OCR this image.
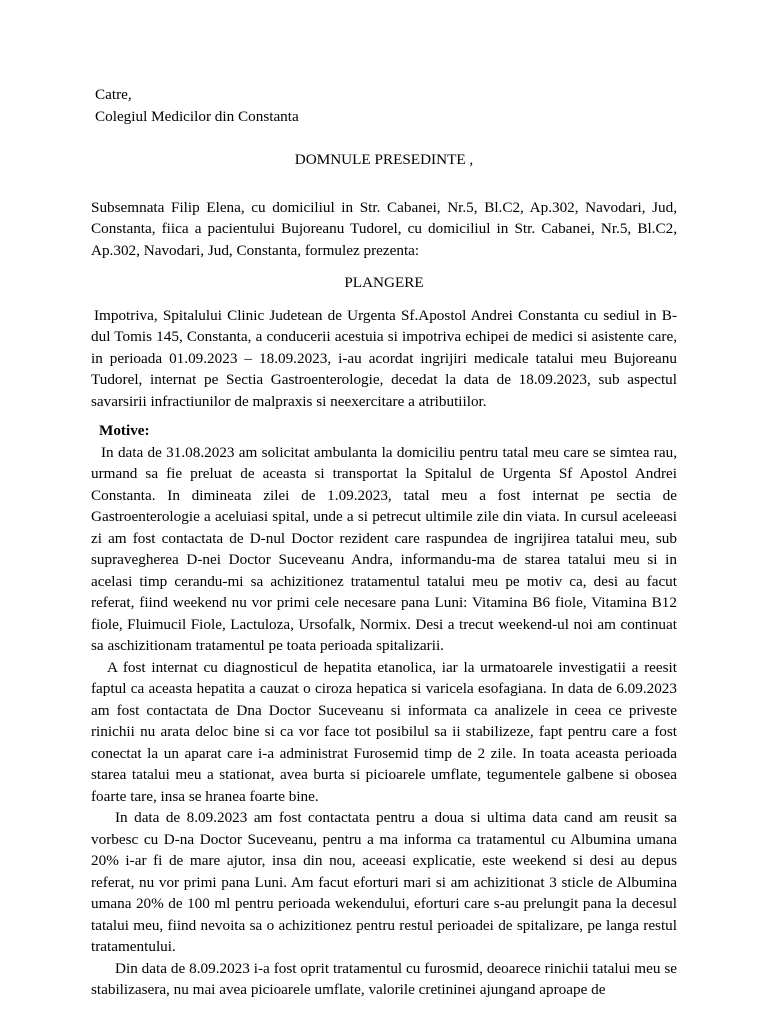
Catre,
Colegiul Medicilor din Constanta
DOMNULE PRESEDINTE ,
Subsemnata Filip Elena, cu domiciliul in Str. Cabanei, Nr.5, Bl.C2, Ap.302, Navodari, Jud, Constanta, fiica a pacientului Bujoreanu Tudorel, cu domiciliul in Str. Cabanei, Nr.5, Bl.C2, Ap.302, Navodari, Jud, Constanta, formulez prezenta:
PLANGERE
Impotriva, Spitalului Clinic Judetean de Urgenta Sf.Apostol Andrei Constanta cu sediul in B-dul Tomis 145, Constanta, a conducerii acestuia si impotriva echipei de medici si asistente care, in perioada 01.09.2023 – 18.09.2023, i-au acordat ingrijiri medicale tatalui meu Bujoreanu Tudorel, internat pe Sectia Gastroenterologie, decedat la data de 18.09.2023, sub aspectul savarsirii infractiunilor de malpraxis si neexercitare a atributiilor.
Motive:
In data de 31.08.2023 am solicitat ambulanta la domiciliu pentru tatal meu care se simtea rau, urmand sa fie preluat de aceasta si transportat la Spitalul de Urgenta Sf Apostol Andrei Constanta. In dimineata zilei de 1.09.2023, tatal meu a fost internat pe sectia de Gastroenterologie a aceluiasi spital, unde a si petrecut ultimile zile din viata. In cursul aceleeasi zi am fost contactata de D-nul Doctor rezident care raspundea de ingrijirea tatalui meu, sub supravegherea D-nei Doctor Suceveanu Andra, informandu-ma de starea tatalui meu si in acelasi timp cerandu-mi sa achizitionez tratamentul tatalui meu pe motiv ca, desi au facut referat, fiind weekend nu vor primi cele necesare pana Luni: Vitamina B6 fiole, Vitamina B12 fiole, Fluimucil Fiole, Lactuloza, Ursofalk, Normix. Desi a trecut weekend-ul noi am continuat sa aschizitionam tratamentul pe toata perioada spitalizarii.
A fost internat cu diagnosticul de hepatita etanolica, iar la urmatoarele investigatii a reesit faptul ca aceasta hepatita a cauzat o ciroza hepatica si varicela esofagiana. In data de 6.09.2023 am fost contactata de Dna Doctor Suceveanu si informata ca analizele in ceea ce priveste rinichii nu arata deloc bine si ca vor face tot posibilul sa ii stabilizeze, fapt pentru care a fost conectat la un aparat care i-a administrat Furosemid timp de 2 zile. In toata aceasta perioada starea tatalui meu a stationat, avea burta si picioarele umflate, tegumentele galbene si obosea foarte tare, insa se hranea foarte bine.
In data de 8.09.2023 am fost contactata pentru a doua si ultima data cand am reusit sa vorbesc cu D-na Doctor Suceveanu, pentru a ma informa ca tratamentul cu Albumina umana 20% i-ar fi de mare ajutor, insa din nou, aceeasi explicatie, este weekend si desi au depus referat, nu vor primi pana Luni. Am facut eforturi mari si am achizitionat 3 sticle de Albumina umana 20% de 100 ml pentru perioada wekendului, eforturi care s-au prelungit pana la decesul tatalui meu, fiind nevoita sa o achizitionez pentru restul perioadei de spitalizare, pe langa restul tratamentului.
Din data de 8.09.2023 i-a fost oprit tratamentul cu furosmid, deoarece rinichii tatalui meu se stabilizasera, nu mai avea picioarele umflate, valorile cretininei ajungand aproape de
